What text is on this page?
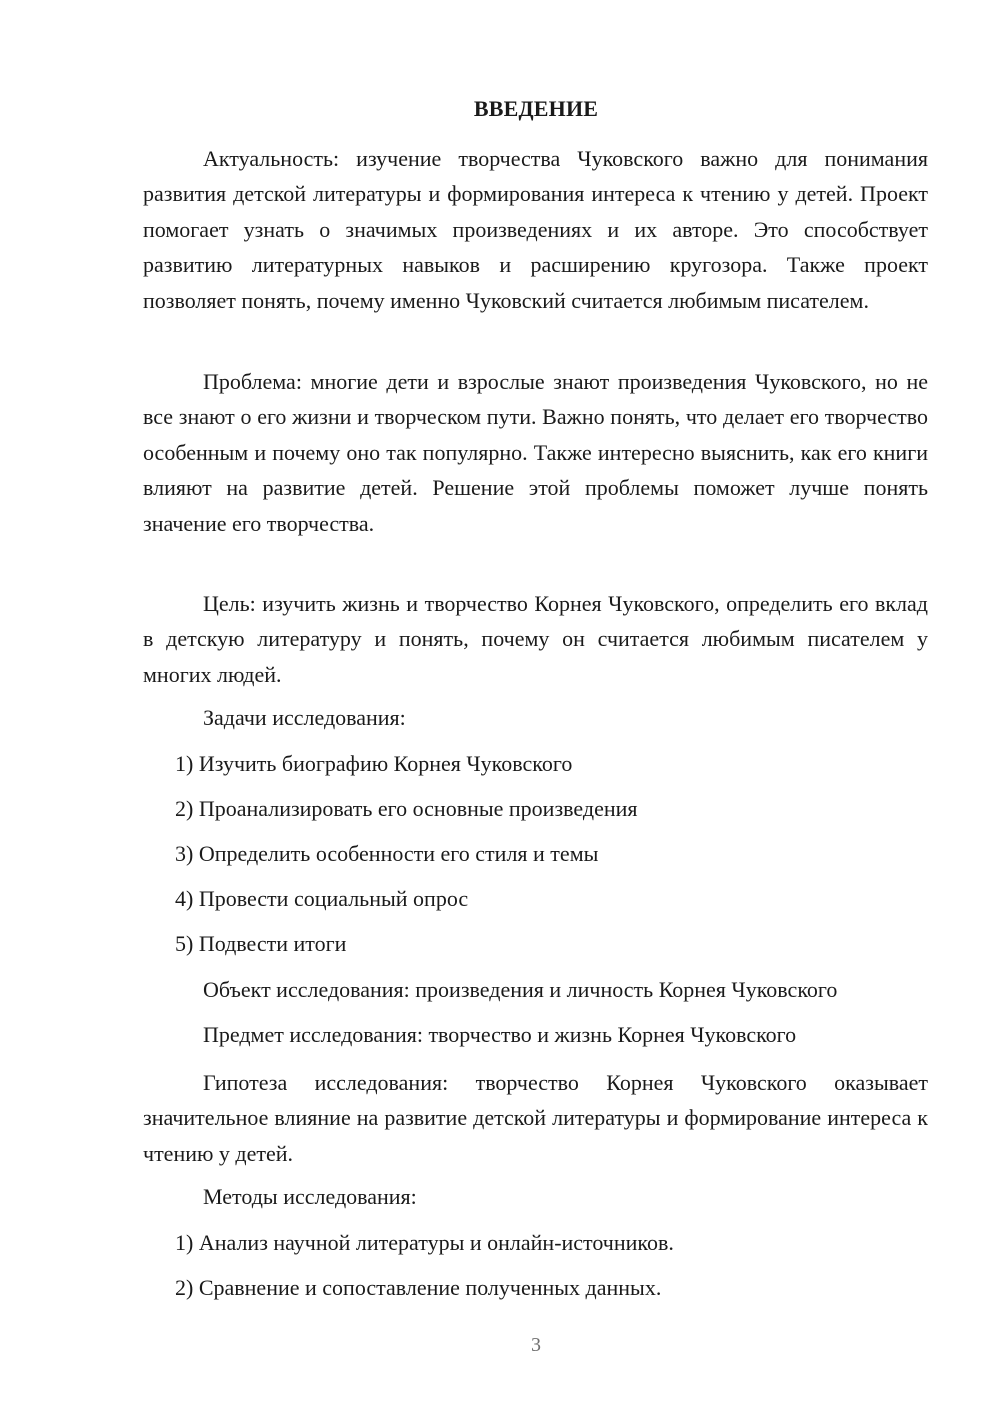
ВВЕДЕНИЕ

Актуальность: изучение творчества Чуковского важно для понимания развития детской литературы и формирования интереса к чтению у детей. Проект помогает узнать о значимых произведениях и их авторе. Это способствует развитию литературных навыков и расширению кругозора. Также проект позволяет понять, почему именно Чуковский считается любимым писателем.

Проблема: многие дети и взрослые знают произведения Чуковского, но не все знают о его жизни и творческом пути. Важно понять, что делает его творчество особенным и почему оно так популярно. Также интересно выяснить, как его книги влияют на развитие детей. Решение этой проблемы поможет лучше понять значение его творчества.

Цель: изучить жизнь и творчество Корнея Чуковского, определить его вклад в детскую литературу и понять, почему он считается любимым писателем у многих людей.

Задачи исследования:

1) Изучить биографию Корнея Чуковского

2) Проанализировать его основные произведения

3) Определить особенности его стиля и темы

4) Провести социальный опрос

5) Подвести итоги

Объект исследования: произведения и личность Корнея Чуковского

Предмет исследования: творчество и жизнь Корнея Чуковского

Гипотеза исследования: творчество Корнея Чуковского оказывает значительное влияние на развитие детской литературы и формирование интереса к чтению у детей.

Методы исследования:

1) Анализ научной литературы и онлайн-источников.

2) Сравнение и сопоставление полученных данных.

3
